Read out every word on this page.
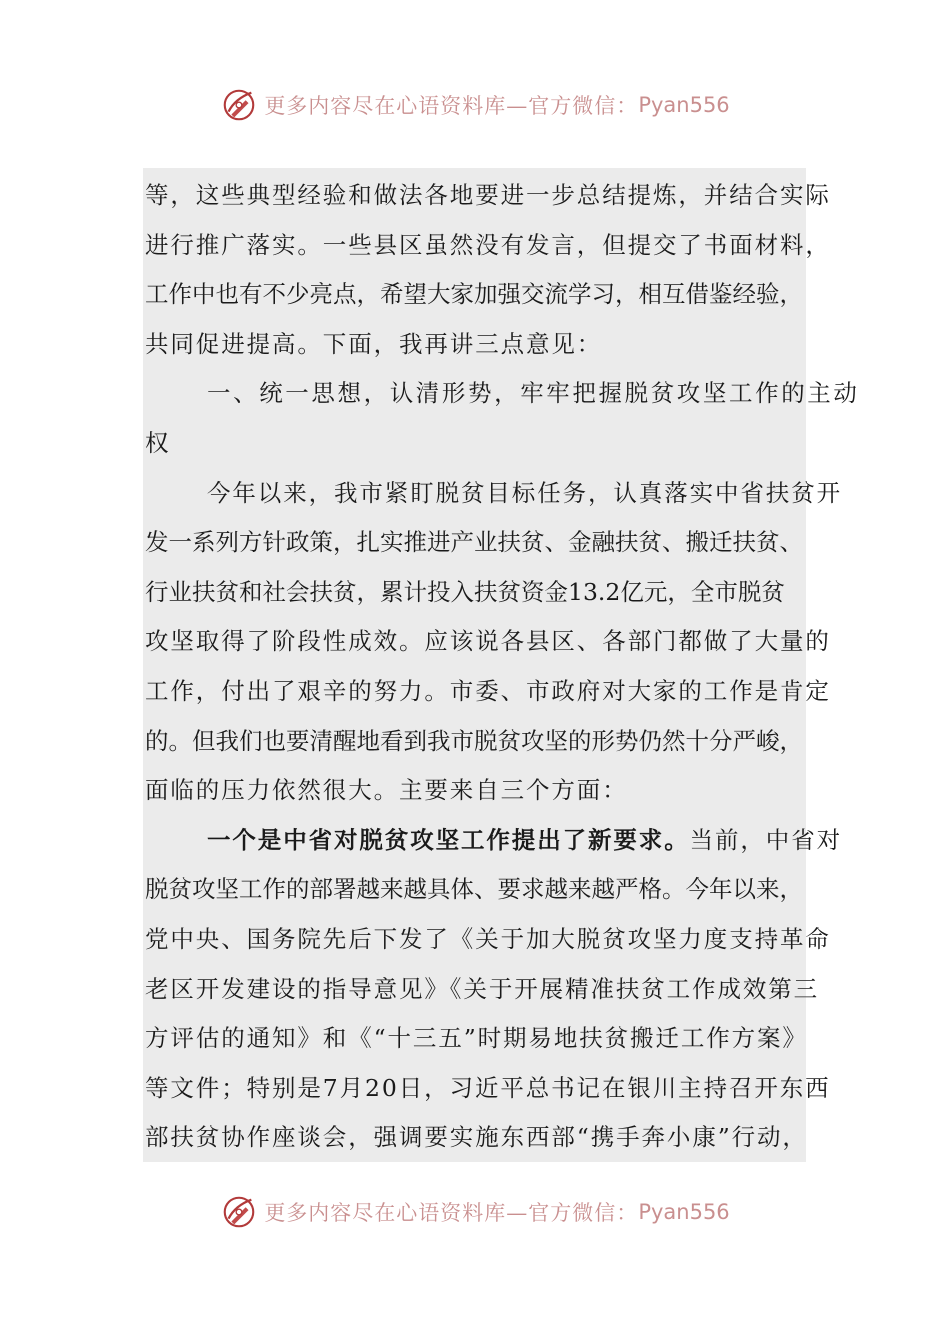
更多内容尽在心语资料库—官方微信： Pyan556
等，这些典型经验和做法各地要进一步总结提炼，并结合实际
进行推广落实。一些县区虽然没有发言，但提交了书面材料，
工作中也有不少亮点，希望大家加强交流学习，相互借鉴经验，
共同促进提高。下面，我再讲三点意见：
一、统一思想，认清形势，牢牢把握脱贫攻坚工作的主动
权
今年以来，我市紧盯脱贫目标任务，认真落实中省扶贫开
发一系列方针政策，扎实推进产业扶贫、金融扶贫、搬迁扶贫、
行业扶贫和社会扶贫，累计投入扶贫资金13.2亿元，全市脱贫
攻坚取得了阶段性成效。应该说各县区、各部门都做了大量的
工作，付出了艰辛的努力。市委、市政府对大家的工作是肯定
的。但我们也要清醒地看到我市脱贫攻坚的形势仍然十分严峻，
面临的压力依然很大。主要来自三个方面：
一个是中省对脱贫攻坚工作提出了新要求。当前，中省对
脱贫攻坚工作的部署越来越具体、要求越来越严格。今年以来，
党中央、国务院先后下发了《关于加大脱贫攻坚力度支持革命
老区开发建设的指导意见》《关于开展精准扶贫工作成效第三
方评估的通知》和《“十三五”时期易地扶贫搬迁工作方案》
等文件；特别是7月20日，习近平总书记在银川主持召开东西
部扶贫协作座谈会，强调要实施东西部“携手奔小康”行动，
更多内容尽在心语资料库—官方微信： Pyan556
